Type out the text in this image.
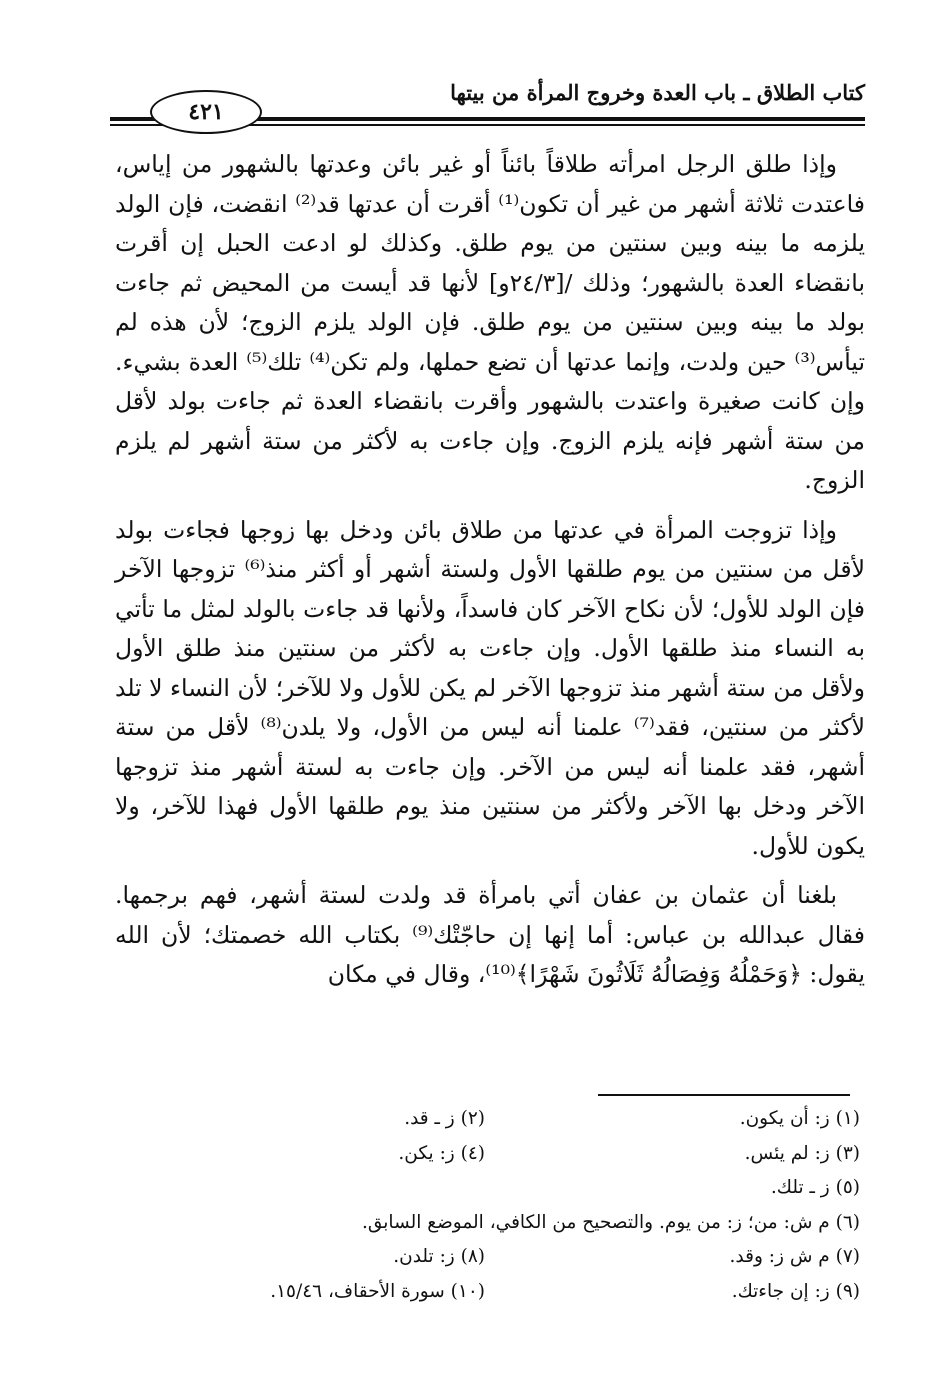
كتاب الطلاق ـ باب العدة وخروج المرأة من بيتها
٤٢١

وإذا طلق الرجل امرأته طلاقاً بائناً أو غير بائن وعدتها بالشهور من إياس، فاعتدت ثلاثة أشهر من غير أن تكون⁽¹⁾ أقرت أن عدتها قد⁽²⁾ انقضت، فإن الولد يلزمه ما بينه وبين سنتين من يوم طلق. وكذلك لو ادعت الحبل إن أقرت بانقضاء العدة بالشهور؛ وذلك /[٢٤/٣و] لأنها قد أيست من المحيض ثم جاءت بولد ما بينه وبين سنتين من يوم طلق. فإن الولد يلزم الزوج؛ لأن هذه لم تيأس⁽³⁾ حين ولدت، وإنما عدتها أن تضع حملها، ولم تكن⁽⁴⁾ تلك⁽⁵⁾ العدة بشيء. وإن كانت صغيرة واعتدت بالشهور وأقرت بانقضاء العدة ثم جاءت بولد لأقل من ستة أشهر فإنه يلزم الزوج. وإن جاءت به لأكثر من ستة أشهر لم يلزم الزوج.

وإذا تزوجت المرأة في عدتها من طلاق بائن ودخل بها زوجها فجاءت بولد لأقل من سنتين من يوم طلقها الأول ولستة أشهر أو أكثر منذ⁽⁶⁾ تزوجها الآخر فإن الولد للأول؛ لأن نكاح الآخر كان فاسداً، ولأنها قد جاءت بالولد لمثل ما تأتي به النساء منذ طلقها الأول. وإن جاءت به لأكثر من سنتين منذ طلق الأول ولأقل من ستة أشهر منذ تزوجها الآخر لم يكن للأول ولا للآخر؛ لأن النساء لا تلد لأكثر من سنتين، فقد⁽⁷⁾ علمنا أنه ليس من الأول، ولا يلدن⁽⁸⁾ لأقل من ستة أشهر، فقد علمنا أنه ليس من الآخر. وإن جاءت به لستة أشهر منذ تزوجها الآخر ودخل بها الآخر ولأكثر من سنتين منذ يوم طلقها الأول فهذا للآخر، ولا يكون للأول.

بلغنا أن عثمان بن عفان أتي بامرأة قد ولدت لستة أشهر، فهم برجمها. فقال عبدالله بن عباس: أما إنها إن حاجّتْك⁽⁹⁾ بكتاب الله خصمتك؛ لأن الله يقول: ﴿وَحَمْلُهُ وَفِصَالُهُ ثَلَاثُونَ شَهْرًا﴾⁽¹⁰⁾، وقال في مكان

(١) ز: أن يكون.
(٢) ز ـ قد.
(٣) ز: لم يئس.
(٤) ز: يكن.
(٥) ز ـ تلك.
(٦) م ش: من؛ ز: من يوم. والتصحيح من الكافي، الموضع السابق.
(٧) م ش ز: وقد.
(٨) ز: تلدن.
(٩) ز: إن جاءتك.
(١٠) سورة الأحقاف، ١٥/٤٦.
